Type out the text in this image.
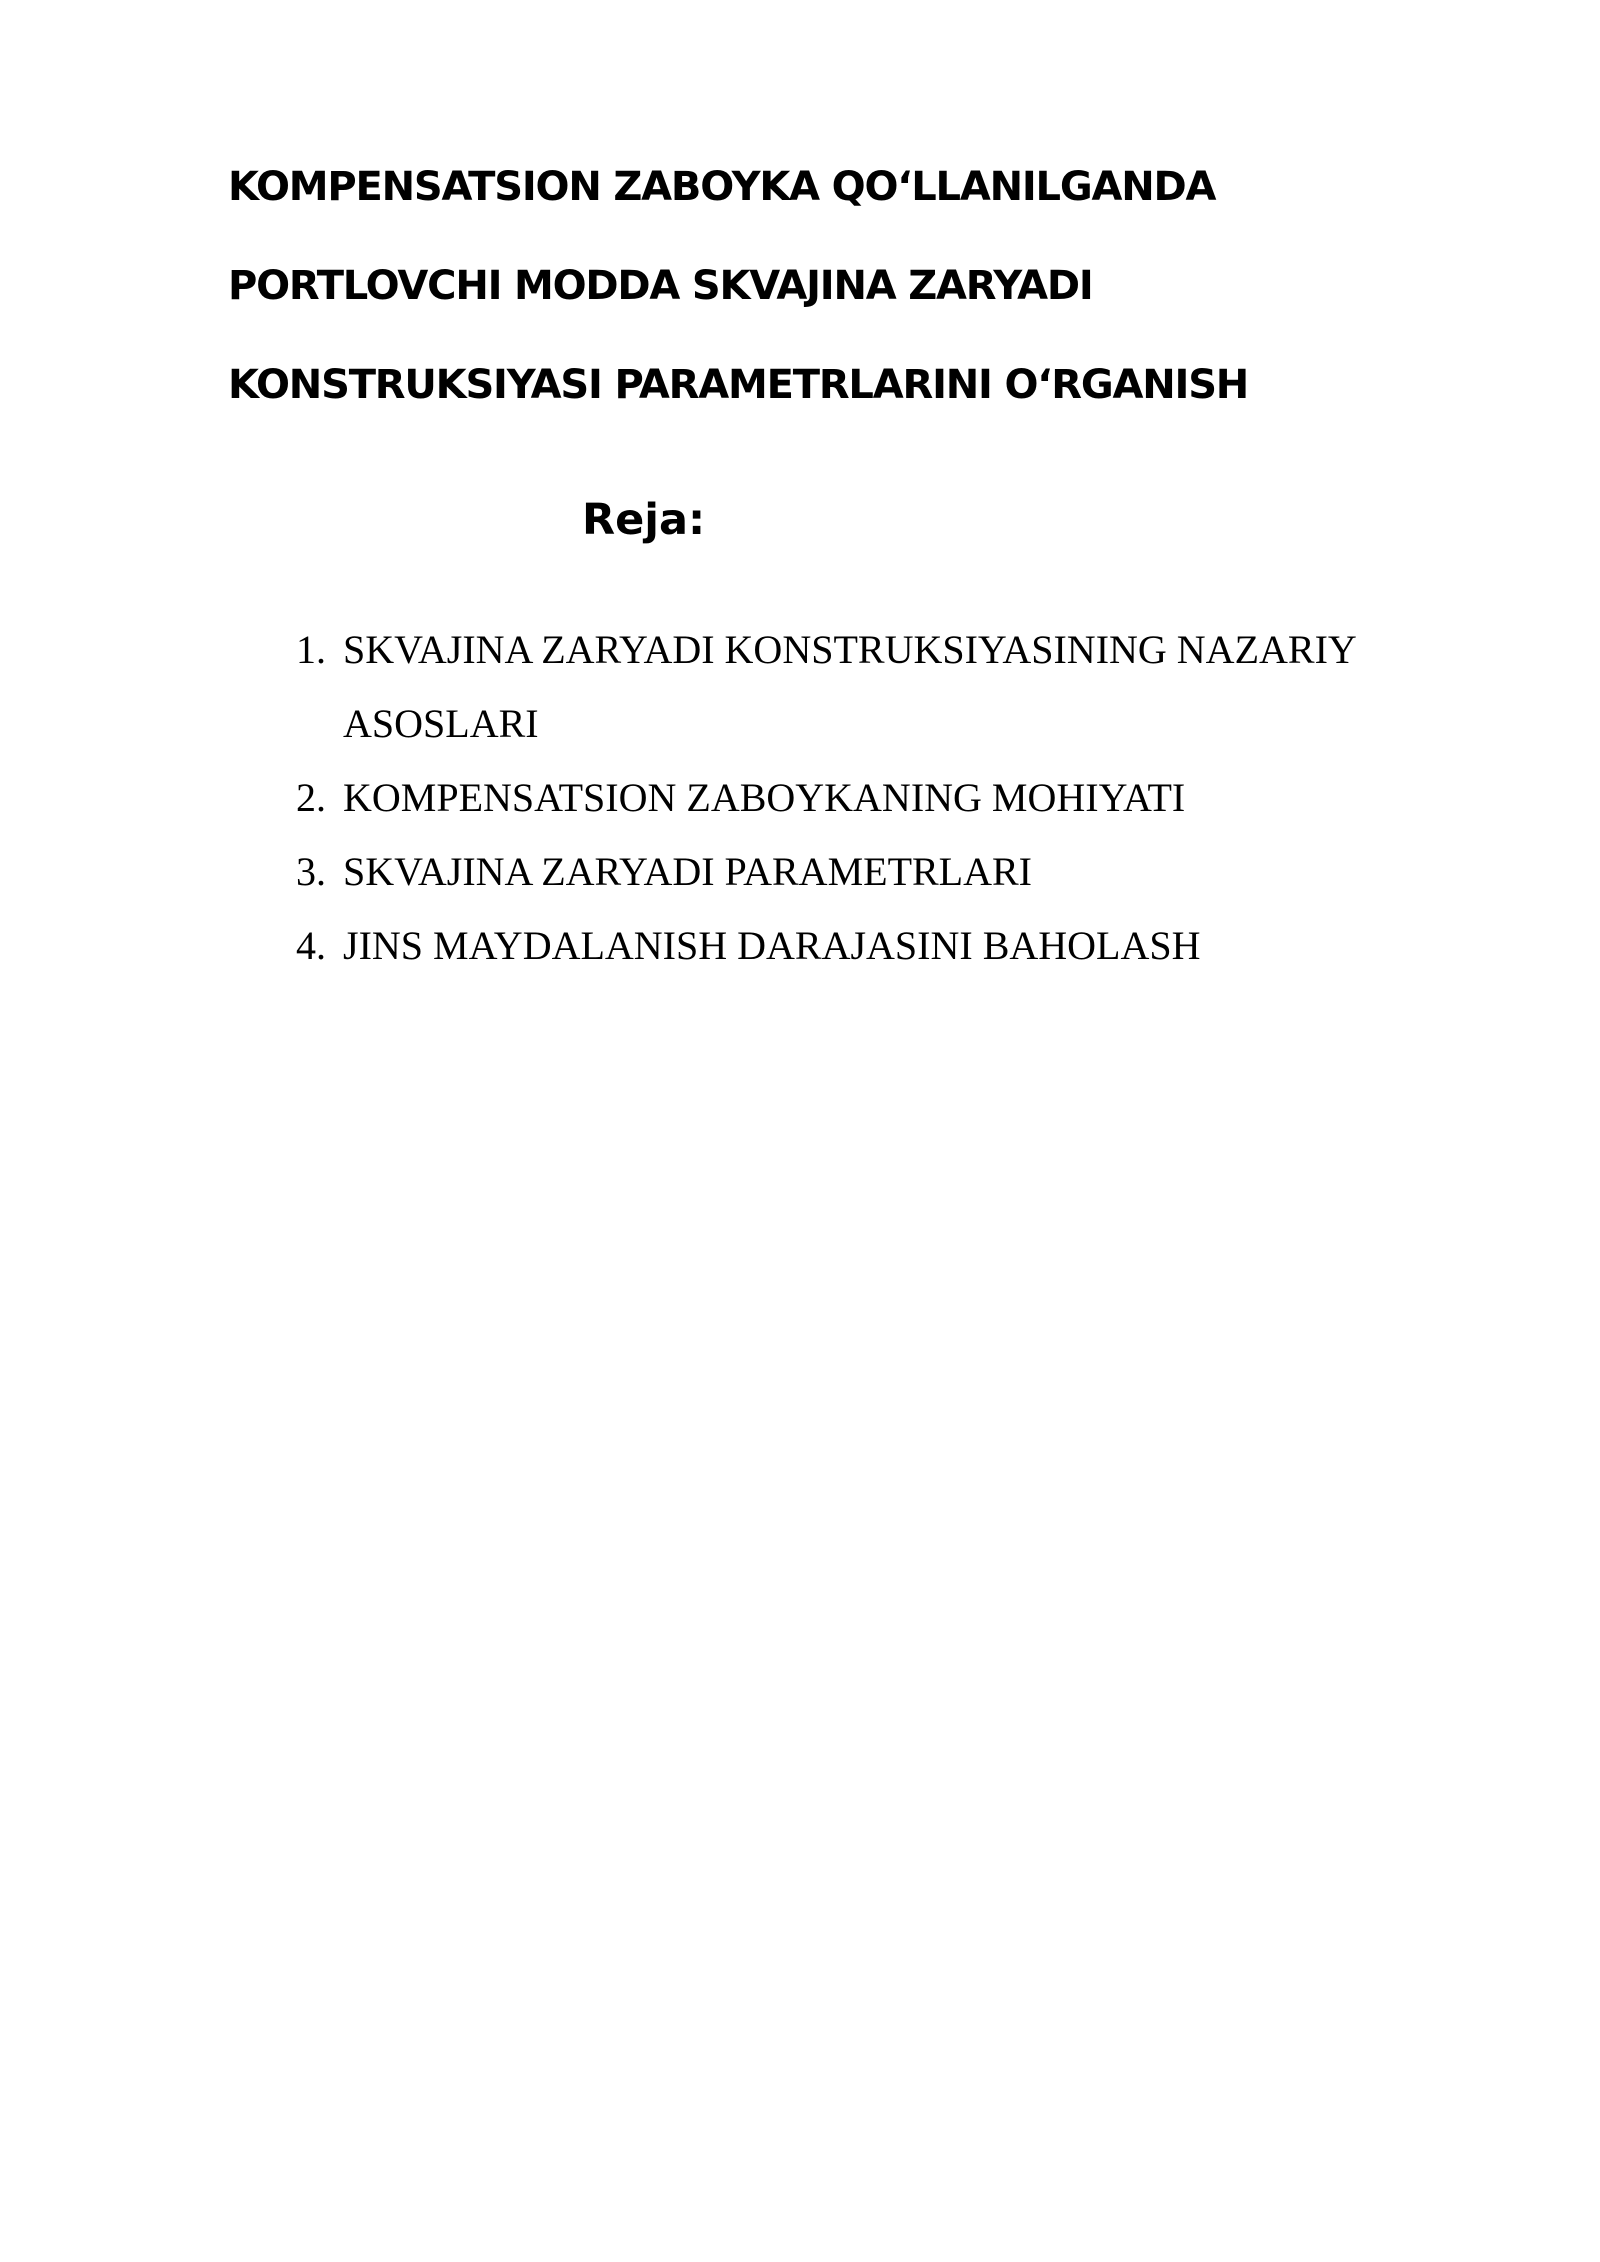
KOMPENSATSION ZABOYKA QO‘LLANILGANDA
PORTLOVCHI MODDA SKVAJINA ZARYADI
KONSTRUKSIYASI PARAMETRLARINI O‘RGANISH
Reja:
1. SKVAJINA ZARYADI KONSTRUKSIYASINING NAZARIY ASOSLARI
2. KOMPENSATSION ZABOYKANING MOHIYATI
3. SKVAJINA ZARYADI PARAMETRLARI
4. JINS MAYDALANISH DARAJASINI BAHOLASH
